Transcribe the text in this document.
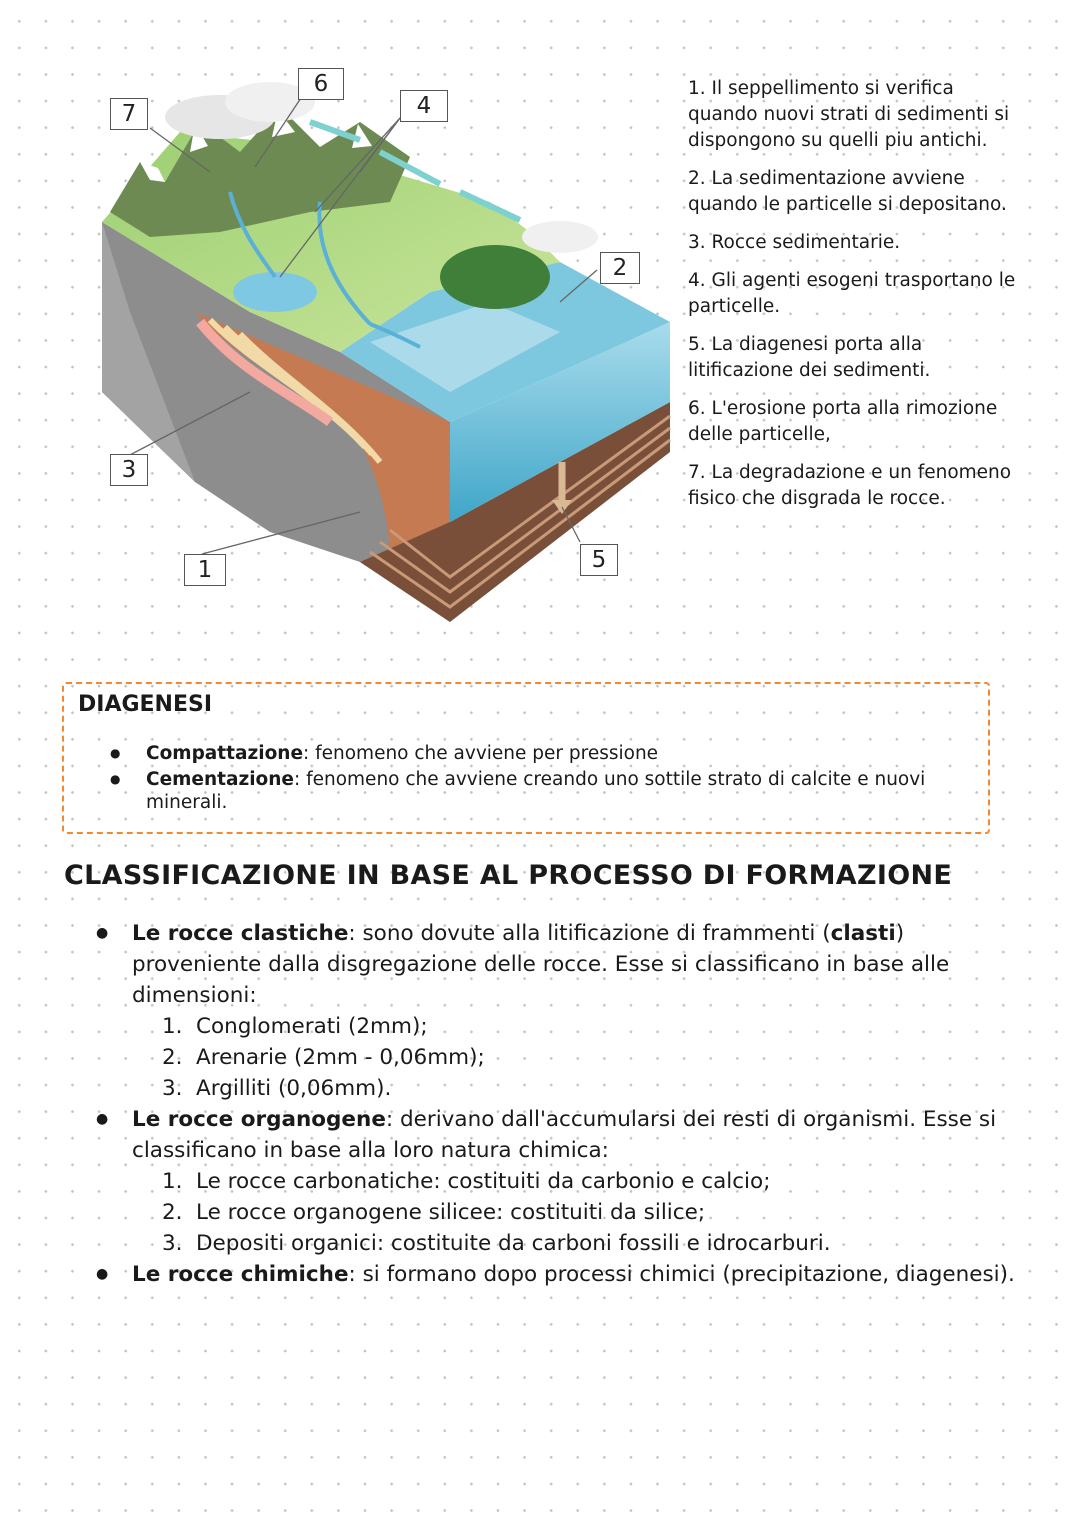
7
6
4
2
3
1	5

1. Il seppellimento si verifica quando nuovi strati di sedimenti si dispongono su quelli piu antichi.

2. La sedimentazione avviene quando le particelle si depositano.

3. Rocce sedimentarie.

4. Gli agenti esogeni trasportano le particelle.

5. La diagenesi porta alla litificazione dei sedimenti.

6. L'erosione porta alla rimozione delle particelle,

7. La degradazione e un fenomeno fisico che disgrada le rocce.

DIAGENESI
● Compattazione: fenomeno che avviene per pressione
● Cementazione: fenomeno che avviene creando uno sottile strato di calcite e nuovi minerali.
CLASSIFICAZIONE IN BASE AL PROCESSO DI FORMAZIONE
● Le rocce clastiche: sono dovute alla litificazione di frammenti (clasti) proveniente dalla disgregazione delle rocce. Esse si classificano in base alle dimensioni:
1. Conglomerati (2mm);
2. Arenarie (2mm - 0,06mm);
3. Argilliti (0,06mm).
● Le rocce organogene: derivano dall'accumularsi dei resti di organismi. Esse si classificano in base alla loro natura chimica:
1. Le rocce carbonatiche: costituiti da carbonio e calcio;
2. Le rocce organogene silicee: costituiti da silice;
3. Depositi organici: costituite da carboni fossili e idrocarburi.
● Le rocce chimiche: si formano dopo processi chimici (precipitazione, diagenesi).
